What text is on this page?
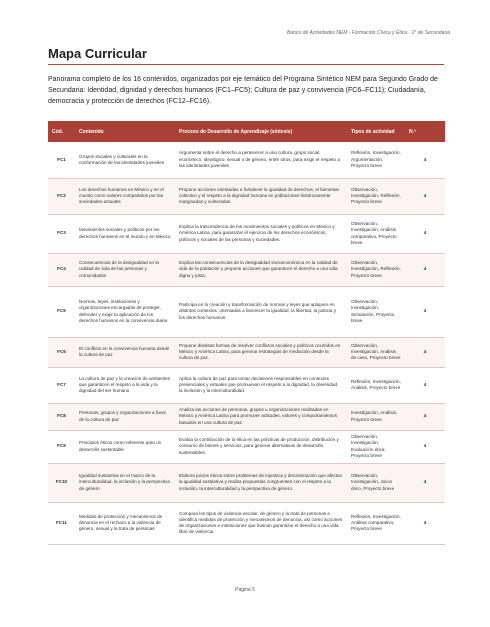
Banco de Actividades NEM - Formación Cívica y Ética · 2° de Secundaria
Mapa Curricular
Panorama completo de los 16 contenidos, organizados por eje temático del Programa Sintético NEM para Segundo Grado de Secundaria: Identidad, dignidad y derechos humanos (FC1–FC5); Cultura de paz y convivencia (FC6–FC11); Ciudadanía, democracia y protección de derechos (FC12–FC16).
Cód.	Contenido	Proceso de Desarrollo de Aprendizaje (síntesis)	Tipos de actividad	N.º
FC1	Grupos sociales y culturales en la conformación de las identidades juveniles	Argumenta sobre el derecho a pertenecer a una cultura, grupo social, económico, ideológico, sexual o de género, entre otros, para exigir el respeto a las identidades juveniles.	Reflexión, Investigación, Argumentación, Proyecto breve	4
FC2	Los derechos humanos en México y en el mundo como valores compartidos por las sociedades actuales	Propone acciones orientadas a fortalecer la igualdad de derechos, el bienestar colectivo y el respeto a la dignidad humana en poblaciones históricamente marginadas y vulneradas.	Observación, Investigación, Reflexión, Proyecto breve	4
FC3	Movimientos sociales y políticos por los derechos humanos en el mundo y en México	Explica la trascendencia de los movimientos sociales y políticos en México y América Latina, para garantizar el ejercicio de los derechos económicos, políticos y sociales de las personas y sociedades.	Observación, Investigación, Análisis comparativo, Proyecto breve	4
FC4	Consecuencias de la desigualdad en la calidad de vida de las personas y comunidades	Explica las consecuencias de la desigualdad socioeconómica en la calidad de vida de la población y propone acciones que garanticen el derecho a una vida digna y justa.	Observación, Investigación, Reflexión, Proyecto breve	4
FC5	Normas, leyes, instituciones y organizaciones encargadas de proteger, defender y exigir la aplicación de los derechos humanos en la convivencia diaria	Participa en la creación y transformación de normas y leyes que apliquen en distintos contextos, orientadas a favorecer la igualdad, la libertad, la justicia y los derechos humanos.	Observación, Investigación, Simulación, Proyecto breve	4
FC6	El conflicto en la convivencia humana desde la cultura de paz	Propone distintas formas de resolver conflictos sociales y políticos ocurridos en México y América Latina, para generar estrategias de mediación desde la cultura de paz.	Observación, Investigación, Análisis de caso, Proyecto breve	4
FC7	La cultura de paz y la creación de ambientes que garanticen el respeto a la vida y la dignidad del ser humano	Aplica la cultura de paz para tomar decisiones responsables en contextos presenciales y virtuales que promuevan el respeto a la dignidad, la diversidad, la inclusión y la interculturalidad.	Reflexión, Investigación, Análisis, Proyecto breve	4
FC8	Personas, grupos y organizaciones a favor de la cultura de paz	Analiza las acciones de personas, grupos u organizaciones realizadas en México y América Latina para promover actitudes, valores y comportamientos basados en una cultura de paz.	Investigación, Análisis, Proyecto breve	4
FC9	Principios éticos como referente para un desarrollo sustentable	Evalúa la contribución de la ética en las prácticas de producción, distribución y consumo de bienes y servicios, para generar alternativas de desarrollo sustentables.	Observación, Investigación, Evaluación ética, Proyecto breve	4
FC10	Igualdad sustantiva en el marco de la interculturalidad, la inclusión y la perspectiva de género	Elabora juicios éticos sobre problemas de injusticia y discriminación que afectan la igualdad sustantiva y realiza propuestas congruentes con el respeto a la inclusión, la interculturalidad y la perspectiva de género.	Observación, Investigación, Juicio ético, Proyecto breve	4
FC11	Medidas de protección y mecanismos de denuncia en el rechazo a la violencia de género, sexual y la trata de personas	Compara los tipos de violencia escolar, de género y la trata de personas e identifica medidas de protección y mecanismos de denuncia, así como acciones de organizaciones e instituciones que buscan garantizar el derecho a una vida libre de violencia.	Reflexión, Investigación, Análisis comparativo, Proyecto breve	4
Página 5
